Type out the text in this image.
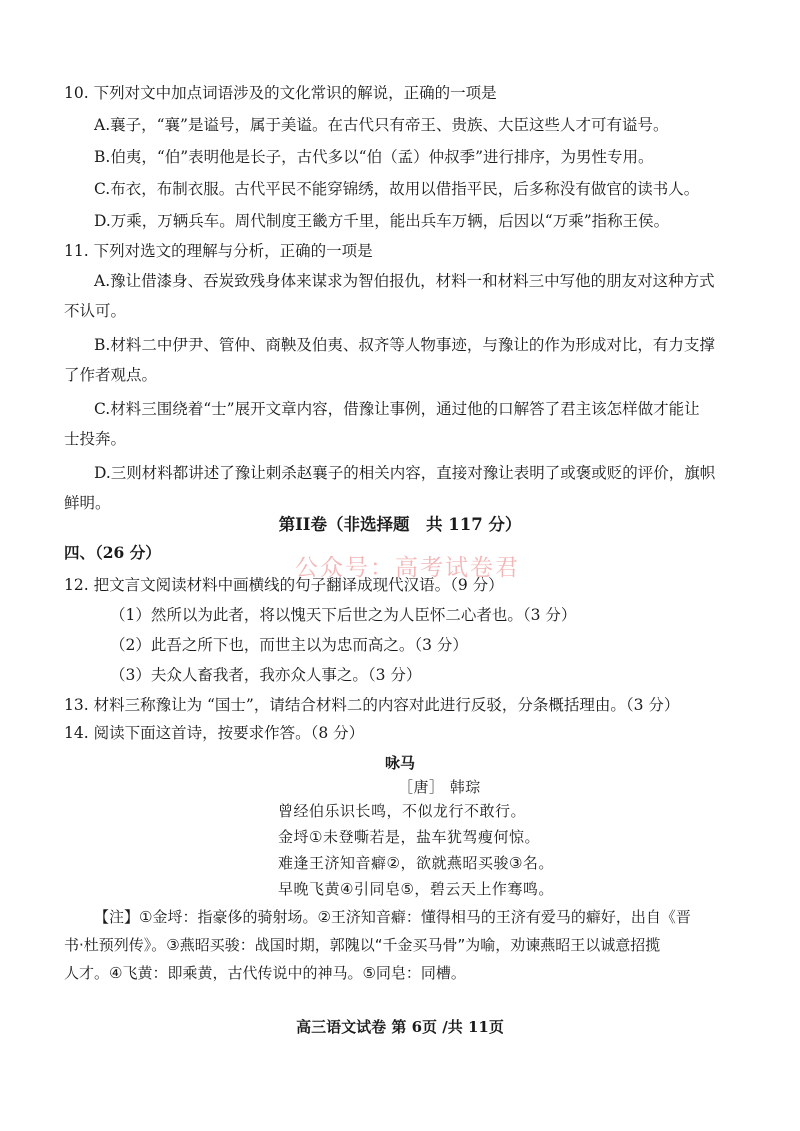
10. 下列对文中加点词语涉及的文化常识的解说，正确的一项是
A.襄子，“襄”是谥号，属于美谥。在古代只有帝王、贵族、大臣这些人才可有谥号。
B.伯夷，“伯”表明他是长子，古代多以“伯（孟）仲叔季”进行排序，为男性专用。
C.布衣，布制衣服。古代平民不能穿锦绣，故用以借指平民，后多称没有做官的读书人。
D.万乘，万辆兵车。周代制度王畿方千里，能出兵车万辆，后因以“万乘”指称王侯。
11. 下列对选文的理解与分析，正确的一项是
A.豫让借漆身、吞炭致残身体来谋求为智伯报仇，材料一和材料三中写他的朋友对这种方式
不认可。
B.材料二中伊尹、管仲、商鞅及伯夷、叔齐等人物事迹，与豫让的作为形成对比，有力支撑
了作者观点。
C.材料三围绕着“士”展开文章内容，借豫让事例，通过他的口解答了君主该怎样做才能让
士投奔。
D.三则材料都讲述了豫让刺杀赵襄子的相关内容，直接对豫让表明了或褒或贬的评价，旗帜
鲜明。
第II卷（非选择题　共 117 分）
四、（26 分）
公众号：高考试卷君
12. 把文言文阅读材料中画横线的句子翻译成现代汉语。（9 分）
（1）然所以为此者，将以愧天下后世之为人臣怀二心者也。（3 分）
（2）此吾之所下也，而世主以为忠而高之。（3 分）
（3）夫众人畜我者，我亦众人事之。（3 分）
13. 材料三称豫让为 “国士”，请结合材料二的内容对此进行反驳，分条概括理由。（3 分）
14. 阅读下面这首诗，按要求作答。（8 分）
咏马
［唐］ 韩琮
曾经伯乐识长鸣，不似龙行不敢行。
金埒①未登嘶若是，盐车犹驾瘦何惊。
难逢王济知音癖②，欲就燕昭买骏③名。
早晚飞黄④引同皂⑤，碧云天上作骞鸣。
【注】①金埒：指豪侈的骑射场。②王济知音癖：懂得相马的王济有爱马的癖好，出自《晋
书·杜预列传》。③燕昭买骏：战国时期，郭隗以“千金买马骨”为喻，劝谏燕昭王以诚意招揽
人才。④飞黄：即乘黄，古代传说中的神马。⑤同皂：同槽。
高三语文试卷 第 6页 /共 11页
